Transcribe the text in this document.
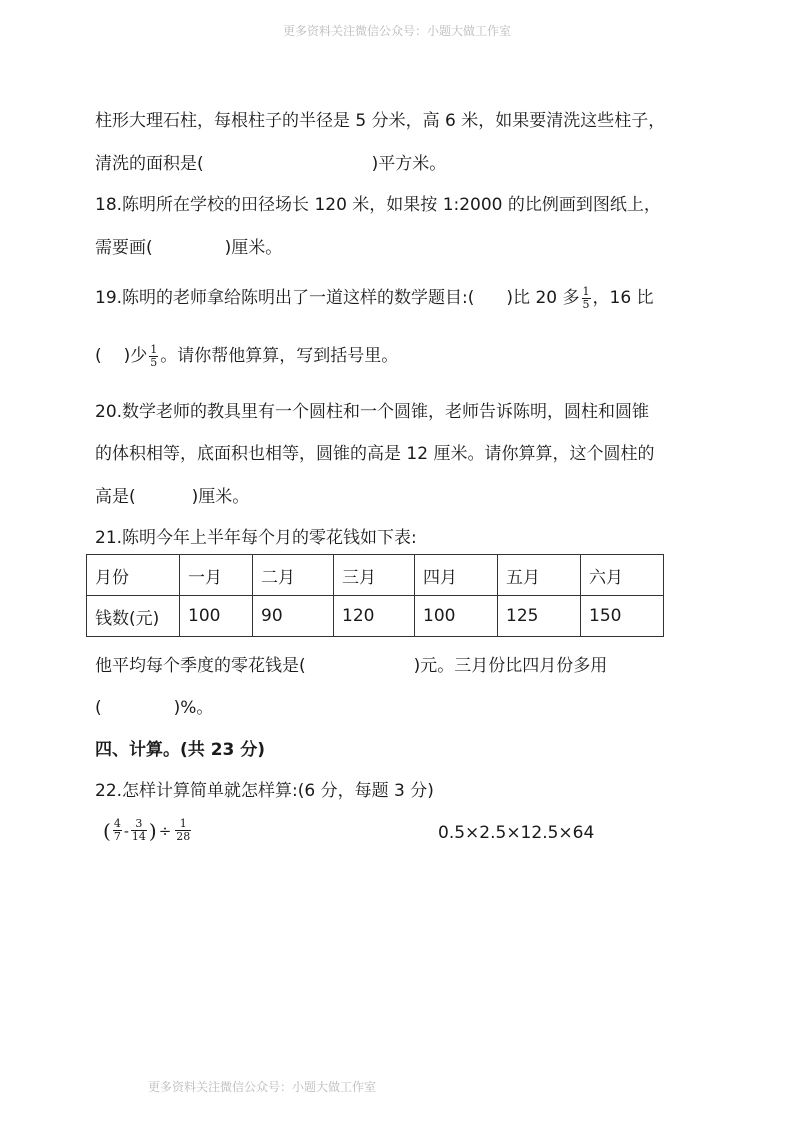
更多资料关注微信公众号：小题大做工作室
柱形大理石柱，每根柱子的半径是 5 分米，高 6 米，如果要清洗这些柱子，
清洗的面积是(	)平方米。
18.陈明所在学校的田径场长 120 米，如果按 1:2000 的比例画到图纸上，
需要画(	)厘米。
19.陈明的老师拿给陈明出了一道这样的数学题目:( )比 20 多 $\frac{1}{5}$ ，16 比
( )少 $\frac{1}{5}$ 。请你帮他算算，写到括号里。
20.数学老师的教具里有一个圆柱和一个圆锥，老师告诉陈明，圆柱和圆锥
的体积相等，底面积也相等，圆锥的高是 12 厘米。请你算算，这个圆柱的
高是(	)厘米。
21.陈明今年上半年每个月的零花钱如下表:
月份	一月	二月	三月	四月	五月	六月
钱数(元)	100	90	120	100	125	150
他平均每个季度的零花钱是(	)元。三月份比四月份多用
(	)%。
四、计算。(共 23 分)
22.怎样计算简单就怎样算:(6 分，每题 3 分)
( $\frac{4}{7} - \frac{3}{14}$ ) ÷ $\frac{1}{28}$	0.5×2.5×12.5×64
更多资料关注微信公众号：小题大做工作室
